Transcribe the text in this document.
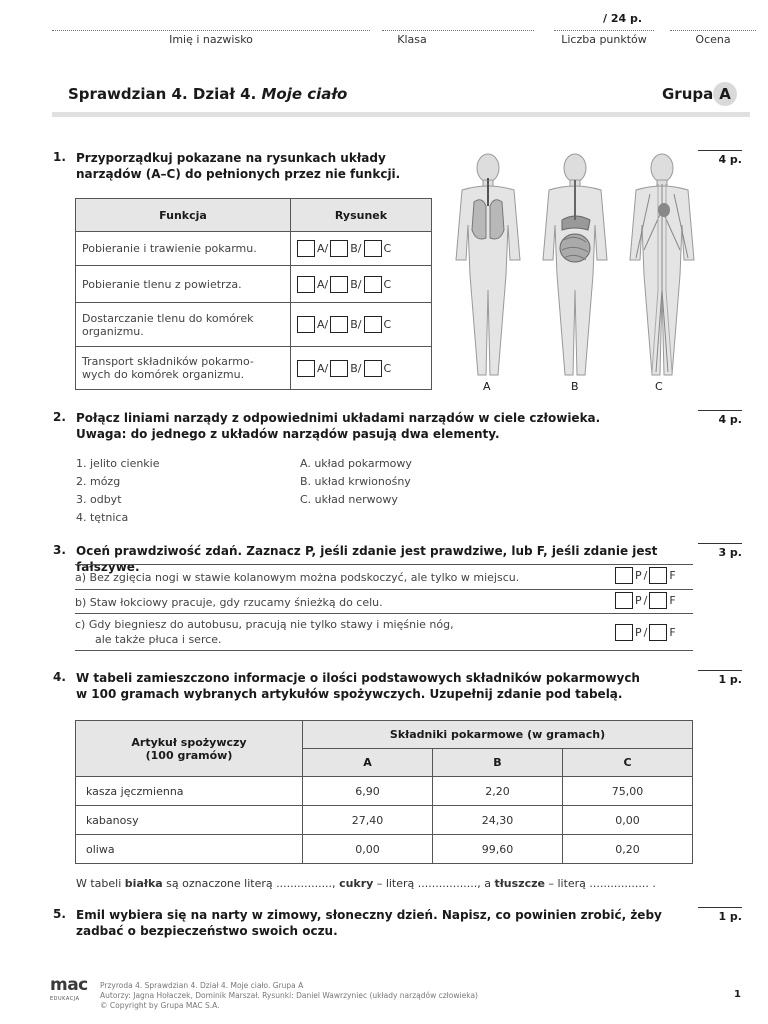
/ 24 p.
Imię i nazwisko	Klasa	Liczba punktów	Ocena
Sprawdzian 4. Dział 4. Moje ciało	Grupa A
1. Przyporządkuj pokazane na rysunkach układy
narządów (A–C) do pełnionych przez nie funkcji.
4 p.
Funkcja	Rysunek
Pobieranie i trawienie pokarmu.	A/ B/ C
Pobieranie tlenu z powietrza.	A/ B/ C
Dostarczanie tlenu do komórek organizmu.	A/ B/ C
Transport składników pokarmo- wych do komórek organizmu.	A/ B/ C
A	B	C
2. Połącz liniami narządy z odpowiednimi układami narządów w ciele człowieka.
Uwaga: do jednego z układów narządów pasują dwa elementy.
4 p.
1. jelito cienkie
2. mózg
3. odbyt
4. tętnica
A. układ pokarmowy
B. układ krwionośny
C. układ nerwowy
3. Oceń prawdziwość zdań. Zaznacz P, jeśli zdanie jest prawdziwe, lub F, jeśli zdanie jest fałszywe.
3 p.
a) Bez zgięcia nogi w stawie kolanowym można podskoczyć, ale tylko w miejscu.	P / F
b) Staw łokciowy pracuje, gdy rzucamy śnieżką do celu.	P / F
c) Gdy biegniesz do autobusu, pracują nie tylko stawy i mięśnie nóg,
ale także płuca i serce.
P / F
4. W tabeli zamieszczono informacje o ilości podstawowych składników pokarmowych
w 100 gramach wybranych artykułów spożywczych. Uzupełnij zdanie pod tabelą.
1 p.
Artykuł spożywczy
(100 gramów)	Składniki pokarmowe (w gramach)		
	A	B	C
kasza jęczmienna	6,90	2,20	75,00
kabanosy	27,40	24,30	0,00
oliwa	0,00	99,60	0,20
W tabeli białka są oznaczone literą ................, cukry – literą ................., a tłuszcze – literą ................. .
5. Emil wybiera się na narty w zimowy, słoneczny dzień. Napisz, co powinien zrobić, żeby
zadbać o bezpieczeństwo swoich oczu.
1 p.
mac
EDUKACJA
Przyroda 4. Sprawdzian 4. Dział 4. Moje ciało. Grupa A
Autorzy: Jagna Hołaczek, Dominik Marszał. Rysunki: Daniel Wawrzyniec (układy narządów człowieka)
© Copyright by Grupa MAC S.A.
1
